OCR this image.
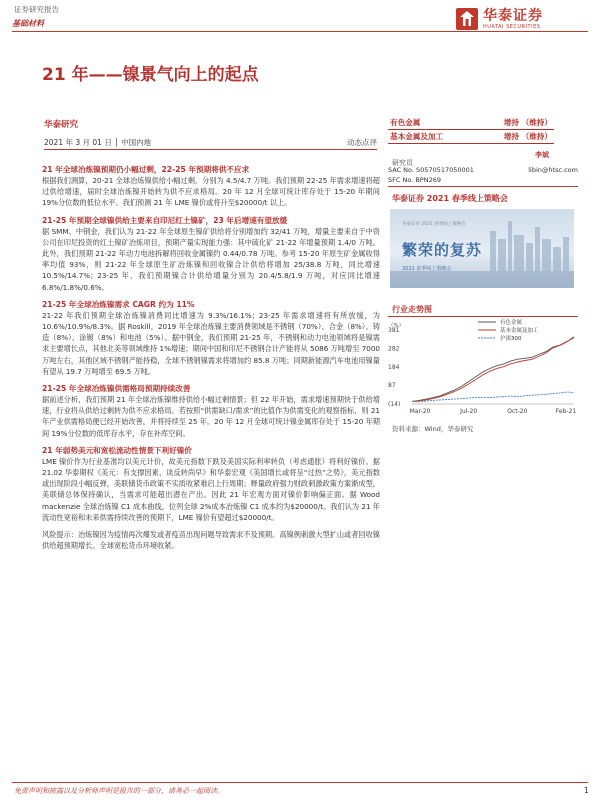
证券研究报告
基础材料	华泰证券
HUATAI SECURITIES
21 年——镍景气向上的起点
华泰研究
2021 年 3 月 01 日 │ 中国内地	动态点评
21 年全球冶炼镍预期仍小幅过剩，22-25 年预期将供不应求
根据我们测算，20-21 全球冶炼镍供给小幅过剩，分别为 4.5/4.7 万吨。我们预期 22-25 年需求增速将超过供给增速，届时全球冶炼镍开始转为供不应求格局。20 年 12 月全球可统计库存处于 15-20 年期间 19%分位数的低位水平。我们预测 21 年 LME 镍价或将升至$20000/t 以上。
21-25 年预期全球镍供给主要来自印尼红土镍矿，23 年后增速有望放缓
据 SMM、中钢金，我们认为 21-22 年全球原生镍矿供给将分别增加约 32/41 万吨，增量主要来自于中资公司在印尼投资的红土镍矿冶炼项目，预期产量实现能力强：其中硫化矿 21-22 年增量预期 1.4/0 万吨。此外，我们预期 21-22 年动力电池拆解将回收金属镍约 0.44/0.78 万吨。参考 15-20 年原生矿金属收得率均值 93%，则 21-22 年全球原生矿冶炼镍和回收镍合计供给将增加 25/38.8 万吨，同比增速 10.5%/14.7%；23-25 年，我们预期镍合计供给增量分别为 20.4/5.8/1.9 万吨，对应同比增速 6.8%/1.8%/0.6%。
21-25 年全球冶炼镍需求 CAGR 约为 11%
21-22 年我们预期全球冶炼镍消费同比增速为 9.3%/16.1%；23-25 年需求增速将有所放缓，为 10.6%/10.9%/8.3%。据 Roskill，2019 年全球冶炼镍主要消费领域是不锈钢（70%）、合金（8%）、铸造（8%）、涂镀（8%）和电池（5%）。据中钢金，我们预期 21-25 年，不锈钢和动力电池领域将是镍需求主要增长点，其他北美等领域维持 1%增速；期间中国和印尼不锈钢合计产能将从 5086 万吨增至 7000 万吨左右，其他区域不锈钢产能持稳，全球不锈钢镍需求将增加约 85.8 万吨；同期新能源汽车电池用镍量有望从 19.7 万吨增至 69.5 万吨。
21-25 年全球冶炼镍供需格局预期持续改善
据前述分析，我们预期 21 年全球冶炼镍维持供给小幅过剩情景；但 22 年开始，需求增速预期快于供给增速，行业将从供给过剩转为供不应求格局。若按照“供需缺口/需求”的比值作为供需变化的观察指标，则 21 年产业供需格局便已经开始改善，并将持续至 25 年。20 年 12 月全球可统计镍金属库存处于 15-20 年期间 19%分位数的低库存水平，存在补库空间。
21 年弱势美元和宽松流动性情景下利好镍价
LME 镍价作为行业基准均以美元计价，故美元指数下跌及美国实际利率转负（考虑通胀）将利好镍价。据 21.02 华泰期权《美元：有支撑因素，谈反转尚早》和华泰宏观《美国增长或将呈“过热”之势》，美元指数或出现阶段小幅反弹，美联储货币政策不实质收紧难启上行周期；释量政府强力财政刺激政策方案渐成型，美联储总体保持确认，当需求可能超出潜在产出。因此 21 年宏观方面对镍价影响偏正面。据 Wood mackenzie 全球冶炼镍 C1 成本曲线，位列全球 2%成本冶炼镍 C1 成本约为$20000/t。我们认为 21 年流动性宽裕和未来供需持续改善的预期下，LME 镍价有望超过$20000/t。
风险提示：冶炼镍因为疫情再次爆发或者疫苗出现问题导致需求不及预期。高镍例刺激大型扩山或者回收镍供给超预期增长。全球宽松货币环境收紧。
有色金属	增持 （维持）
基本金属及加工	增持 （维持）
研究员
李斌
SAC No. S0570517050001	libin@htsc.com
SFC No. BPN269
华泰证券 2021 春季线上策略会
华泰证券 2021 春季线上策略会
繁荣的复苏
2021 春季线上策略会
行业走势图
（%）
(14)
87
184
282
381
Mar-20	Jul-20	Oct-20	Feb-21
有色金属
基本金属及加工
沪深300
资料来源：Wind，华泰研究
免责声明和披露以及分析师声明是报告的一部分，请务必一起阅读。	1
